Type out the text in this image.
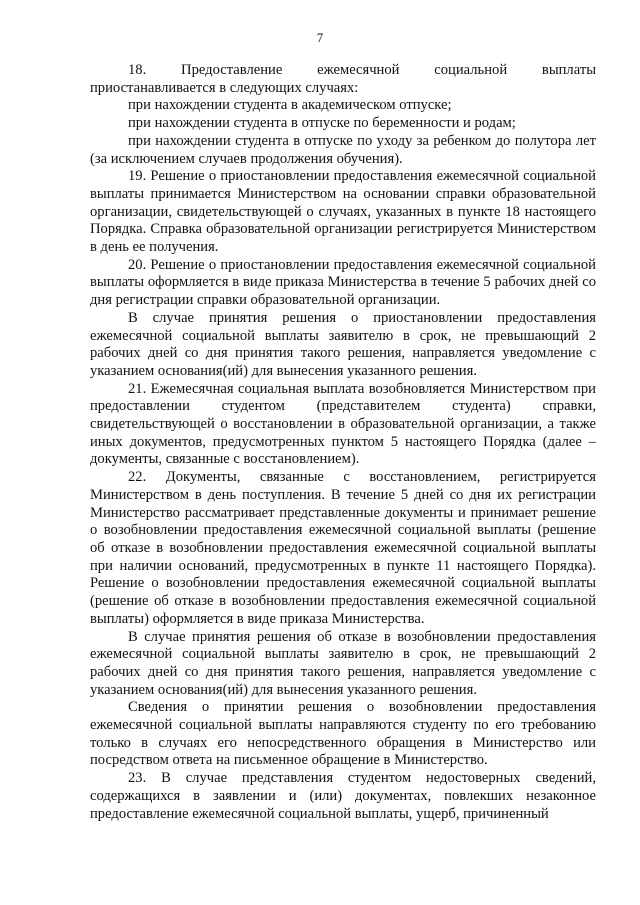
7

18. Предоставление ежемесячной социальной выплаты приостанавливается в следующих случаях:

при нахождении студента в академическом отпуске;

при нахождении студента в отпуске по беременности и родам;

при нахождении студента в отпуске по уходу за ребенком до полутора лет (за исключением случаев продолжения обучения).

19. Решение о приостановлении предоставления ежемесячной социальной выплаты принимается Министерством на основании справки образовательной организации, свидетельствующей о случаях, указанных в пункте 18 настоящего Порядка. Справка образовательной организации регистрируется Министерством в день ее получения.

20. Решение о приостановлении предоставления ежемесячной социальной выплаты оформляется в виде приказа Министерства в течение 5 рабочих дней со дня регистрации справки образовательной организации.

В случае принятия решения о приостановлении предоставления ежемесячной социальной выплаты заявителю в срок, не превышающий 2 рабочих дней со дня принятия такого решения, направляется уведомление с указанием основания(ий) для вынесения указанного решения.

21. Ежемесячная социальная выплата возобновляется Министерством при предоставлении студентом (представителем студента) справки, свидетельствующей о восстановлении в образовательной организации, а также иных документов, предусмотренных пунктом 5 настоящего Порядка (далее – документы, связанные с восстановлением).

22. Документы, связанные с восстановлением, регистрируется Министерством в день поступления. В течение 5 дней со дня их регистрации Министерство рассматривает представленные документы и принимает решение о возобновлении предоставления ежемесячной социальной выплаты (решение об отказе в возобновлении предоставления ежемесячной социальной выплаты при наличии оснований, предусмотренных в пункте 11 настоящего Порядка). Решение о возобновлении предоставления ежемесячной социальной выплаты (решение об отказе в возобновлении предоставления ежемесячной социальной выплаты) оформляется в виде приказа Министерства.

В случае принятия решения об отказе в возобновлении предоставления ежемесячной социальной выплаты заявителю в срок, не превышающий 2 рабочих дней со дня принятия такого решения, направляется уведомление с указанием основания(ий) для вынесения указанного решения.

Сведения о принятии решения о возобновлении предоставления ежемесячной социальной выплаты направляются студенту по его требованию только в случаях его непосредственного обращения в Министерство или посредством ответа на письменное обращение в Министерство.

23. В случае представления студентом недостоверных сведений, содержащихся в заявлении и (или) документах, повлекших незаконное предоставление ежемесячной социальной выплаты, ущерб, причиненный
